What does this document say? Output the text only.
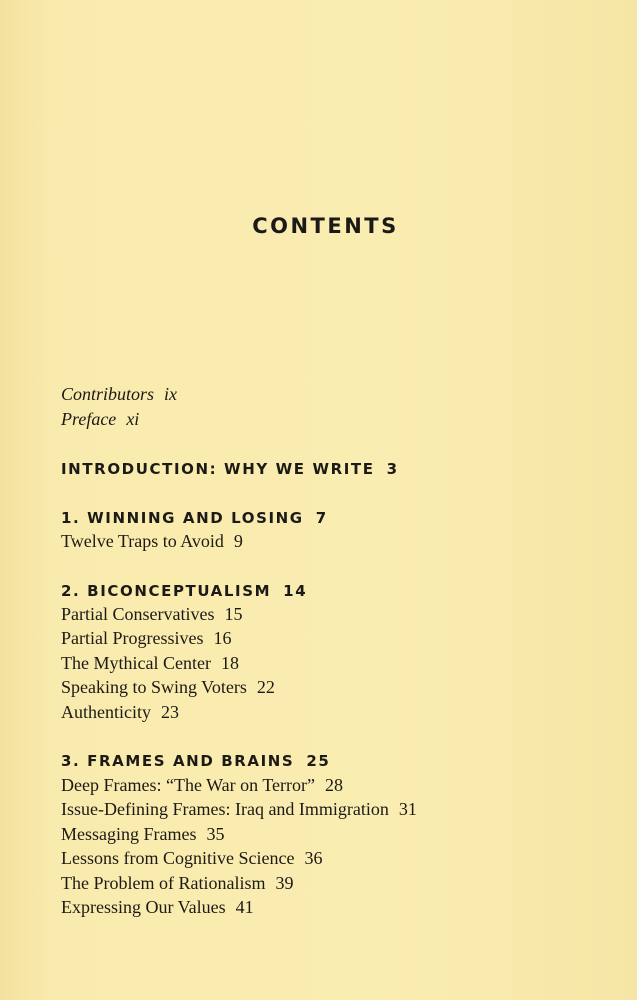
CONTENTS
Contributors ix
Preface xi
INTRODUCTION: WHY WE WRITE 3
1. WINNING AND LOSING 7
Twelve Traps to Avoid 9
2. BICONCEPTUALISM 14
Partial Conservatives 15
Partial Progressives 16
The Mythical Center 18
Speaking to Swing Voters 22
Authenticity 23
3. FRAMES AND BRAINS 25
Deep Frames: “The War on Terror” 28
Issue-Defining Frames: Iraq and Immigration 31
Messaging Frames 35
Lessons from Cognitive Science 36
The Problem of Rationalism 39
Expressing Our Values 41
